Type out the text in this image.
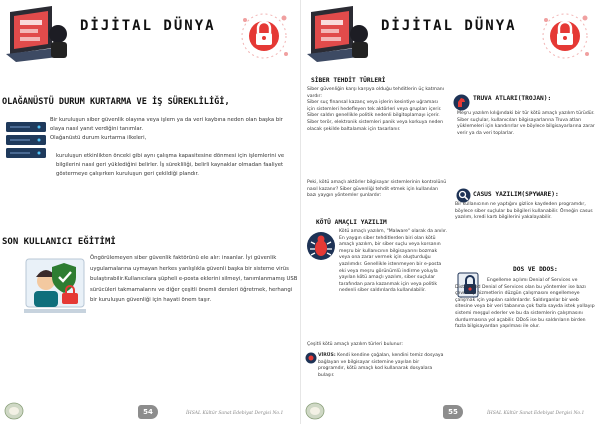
DİJİTAL DÜNYA
OLAĞANÜSTÜ DURUM KURTARMA VE İŞ SÜREKLİLİĞİ,

Bir kuruluşun siber güvenlik olayına veya işlem ya da veri kaybına neden olan başka bir olaya nasıl yanıt verdiğini tanımlar.

Olağanüstü durum kurtarma ilkeleri,

kuruluşun etkinlikten önceki gibi aynı çalışma kapasitesine dönmesi için işlemlerini ve bilgilerini nasıl geri yüklediğini belirler. İş sürekliliği, belirli kaynaklar olmadan faaliyet göstermeye çalışırken kuruluşun geri çekildiği plandır.

SON KULLANICI EĞİTİMİ

Öngörülemeyen siber güvenlik faktörünü ele alır: insanlar. İyi güvenlik uygulamalarına uymayan herkes yanlışlıkla güvenli başka bir sisteme virüs bulaştırabilir.Kullanıcılara şüpheli e-posta eklerini silmeyi, tanımlanmamış USB sürücüleri takmamalarını ve diğer çeşitli önemli dersleri öğretmek, herhangi bir kuruluşun güvenliği için hayati önem taşır.

54	İHSAL Kültür Sanat Edebiyat Dergisi No.1
DİJİTAL DÜNYA
SİBER TEHDİT TÜRLERİ

Siber güvenliğin karşı karşıya olduğu tehditlerin üç katmanı vardır:

Siber suç finansal kazanç veya işlerin kesintiye uğraması için sistemleri hedefleyen tek aktörleri veya grupları içerir. Siber saldırı genellikle politik nedenli bilgitoplamayı içerir. Siber terör, elektronik sistemleri panik veya korkuya neden olacak şekilde baltalamak için tasarlanır.

Peki, kötü amaçlı aktörler bilgisayar sistemlerinin kontrolünü nasıl kazanır? Siber güvenliği tehdit etmek için kullanılan bazı yaygın yöntemler şunlardır:

KÖTÜ AMAÇLI YAZILIM

Kötü amaçlı yazılım, "Malware" olarak da anılır. En yaygın siber tehditlerden biri olan kötü amaçlı yazılım, bir siber suçlu veya korsanın meşru bir kullanıcının bilgisayarını bozmak veya ona zarar vermek için oluşturduğu yazılımdır. Genellikle istenmeyen bir e-posta eki veya meşru görünümlü indirme yoluyla yayılan kötü amaçlı yazılım, siber suçlular tarafından para kazanmak için veya politik nedenli siber saldırılarda kullanılabilir.

Çeşitli kötü amaçlı yazılım türleri bulunur:

VİRÜS: Kendi kendine çoğalan, kendini temiz dosyaya bağlayan ve bilgisayar sistemine yayılan bir programdır, kötü amaçlı kod kullanarak dosyalara bulaşır.

TRUVA ATLARI(TROJAN):

Meşru yazılım kılığındaki bir tür kötü amaçlı yazılım türüdür. Siber suçlular, kullanıcıları bilgisayarlarına Truva atları yüklemeleri için kandırırlar ve böylece bilgisayarlarına zarar verir ya da veri toplarlar.

CASUS YAZILIM(SPYWARE):

Bir kullanıcının ne yaptığını gizlice kaydeden programdır, böylece siber suçlular bu bilgileri kullanabilir. Örneğin casus yazılım, kredi kartı bilgilerini yakalayabilir.

DOS VE DDOS:

Engelleme açılımı Denial of Services ve Distributed Denial of Services olan bu yöntemler ise bazı çevrimiçi hizmetlerin düzgün çalışmasını engellemeye çalışmak için yapılan saldırılardır. Saldırganlar bir web sitesine veya bir veri tabanına çok fazla sayıda istek yollayıp sistemi meşgul ederler ve bu da sistemlerin çalışmasını durdurmasına yol açabilir. DDoS ise bu saldırıların birden fazla bilgisayardan yapılması ile olur.

55	İHSAL Kültür Sanat Edebiyat Dergisi No.1
